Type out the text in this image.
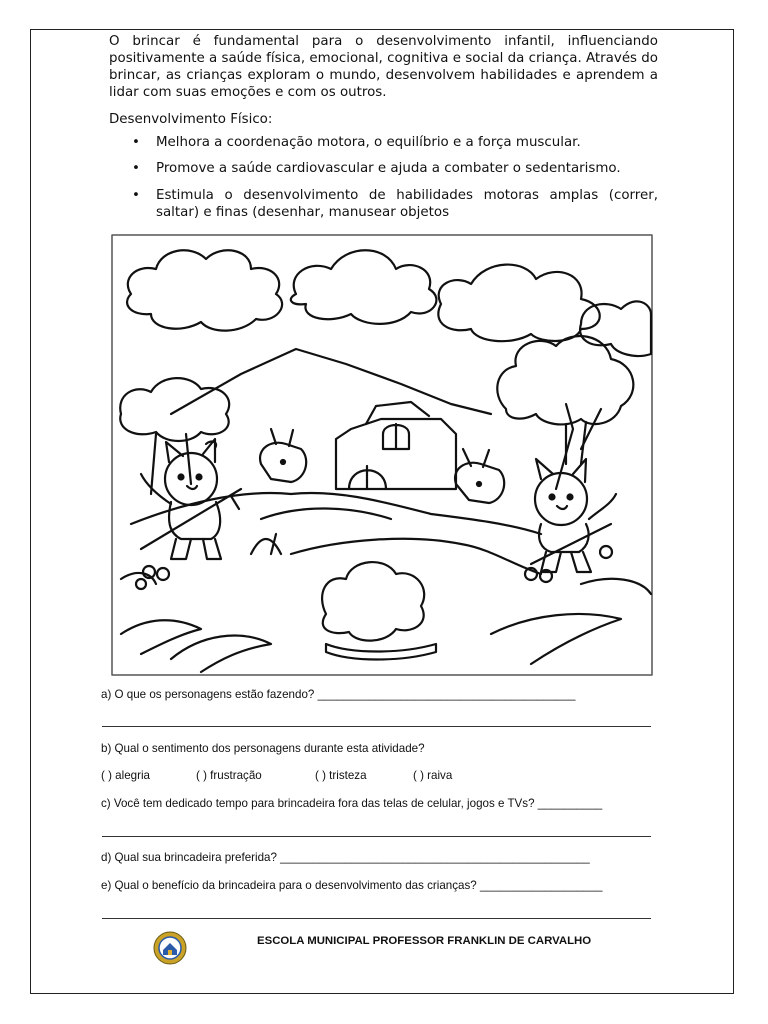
O brincar é fundamental para o desenvolvimento infantil, influenciando positivamente a saúde física, emocional, cognitiva e social da criança. Através do brincar, as crianças exploram o mundo, desenvolvem habilidades e aprendem a lidar com suas emoções e com os outros.
Desenvolvimento Físico:
• Melhora a coordenação motora, o equilíbrio e a força muscular.
• Promove a saúde cardiovascular e ajuda a combater o sedentarismo.
• Estimula o desenvolvimento de habilidades motoras amplas (correr, saltar) e finas (desenhar, manusear objetos
a) O que os personagens estão fazendo? ________________________________________
b) Qual o sentimento dos personagens durante esta atividade?
( ) alegria	( ) frustração	( ) tristeza	( ) raiva
c) Você tem dedicado tempo para brincadeira fora das telas de celular, jogos e TVs? __________
d) Qual sua brincadeira preferida? ________________________________________________
e) Qual o benefício da brincadeira para o desenvolvimento das crianças? ___________________
ESCOLA MUNICIPAL PROFESSOR FRANKLIN DE CARVALHO
